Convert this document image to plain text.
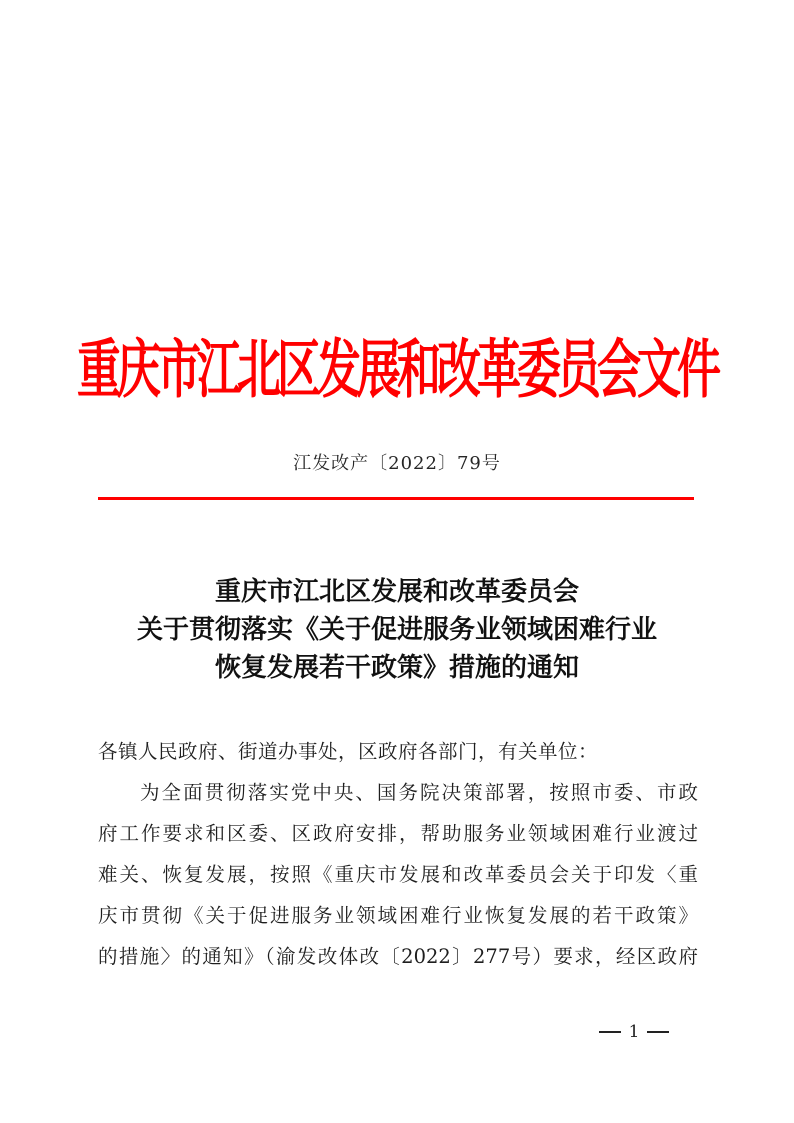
重庆市江北区发展和改革委员会文件
江发改产〔2022〕79号
重庆市江北区发展和改革委员会
关于贯彻落实《关于促进服务业领域困难行业
恢复发展若干政策》措施的通知
各镇人民政府、街道办事处，区政府各部门，有关单位：
为全面贯彻落实党中央、国务院决策部署，按照市委、市政
府工作要求和区委、区政府安排，帮助服务业领域困难行业渡过
难关、恢复发展，按照《重庆市发展和改革委员会关于印发〈重
庆市贯彻《关于促进服务业领域困难行业恢复发展的若干政策》
的措施〉的通知》（渝发改体改〔2022〕277号）要求，经区政府
1
